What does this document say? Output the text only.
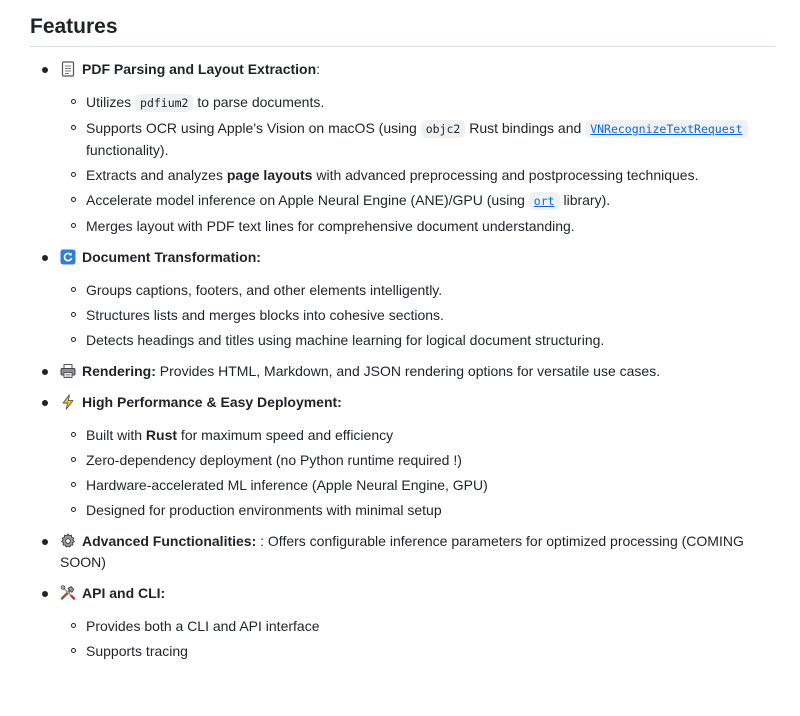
Features
PDF Parsing and Layout Extraction:
Utilizes pdfium2 to parse documents.
Supports OCR using Apple's Vision on macOS (using objc2 Rust bindings and VNRecognizeTextRequest functionality).
Extracts and analyzes page layouts with advanced preprocessing and postprocessing techniques.
Accelerate model inference on Apple Neural Engine (ANE)/GPU (using ort library).
Merges layout with PDF text lines for comprehensive document understanding.
Document Transformation:
Groups captions, footers, and other elements intelligently.
Structures lists and merges blocks into cohesive sections.
Detects headings and titles using machine learning for logical document structuring.
Rendering: Provides HTML, Markdown, and JSON rendering options for versatile use cases.
High Performance & Easy Deployment:
Built with Rust for maximum speed and efficiency
Zero-dependency deployment (no Python runtime required !)
Hardware-accelerated ML inference (Apple Neural Engine, GPU)
Designed for production environments with minimal setup
Advanced Functionalities: : Offers configurable inference parameters for optimized processing (COMING SOON)
API and CLI:
Provides both a CLI and API interface
Supports tracing
